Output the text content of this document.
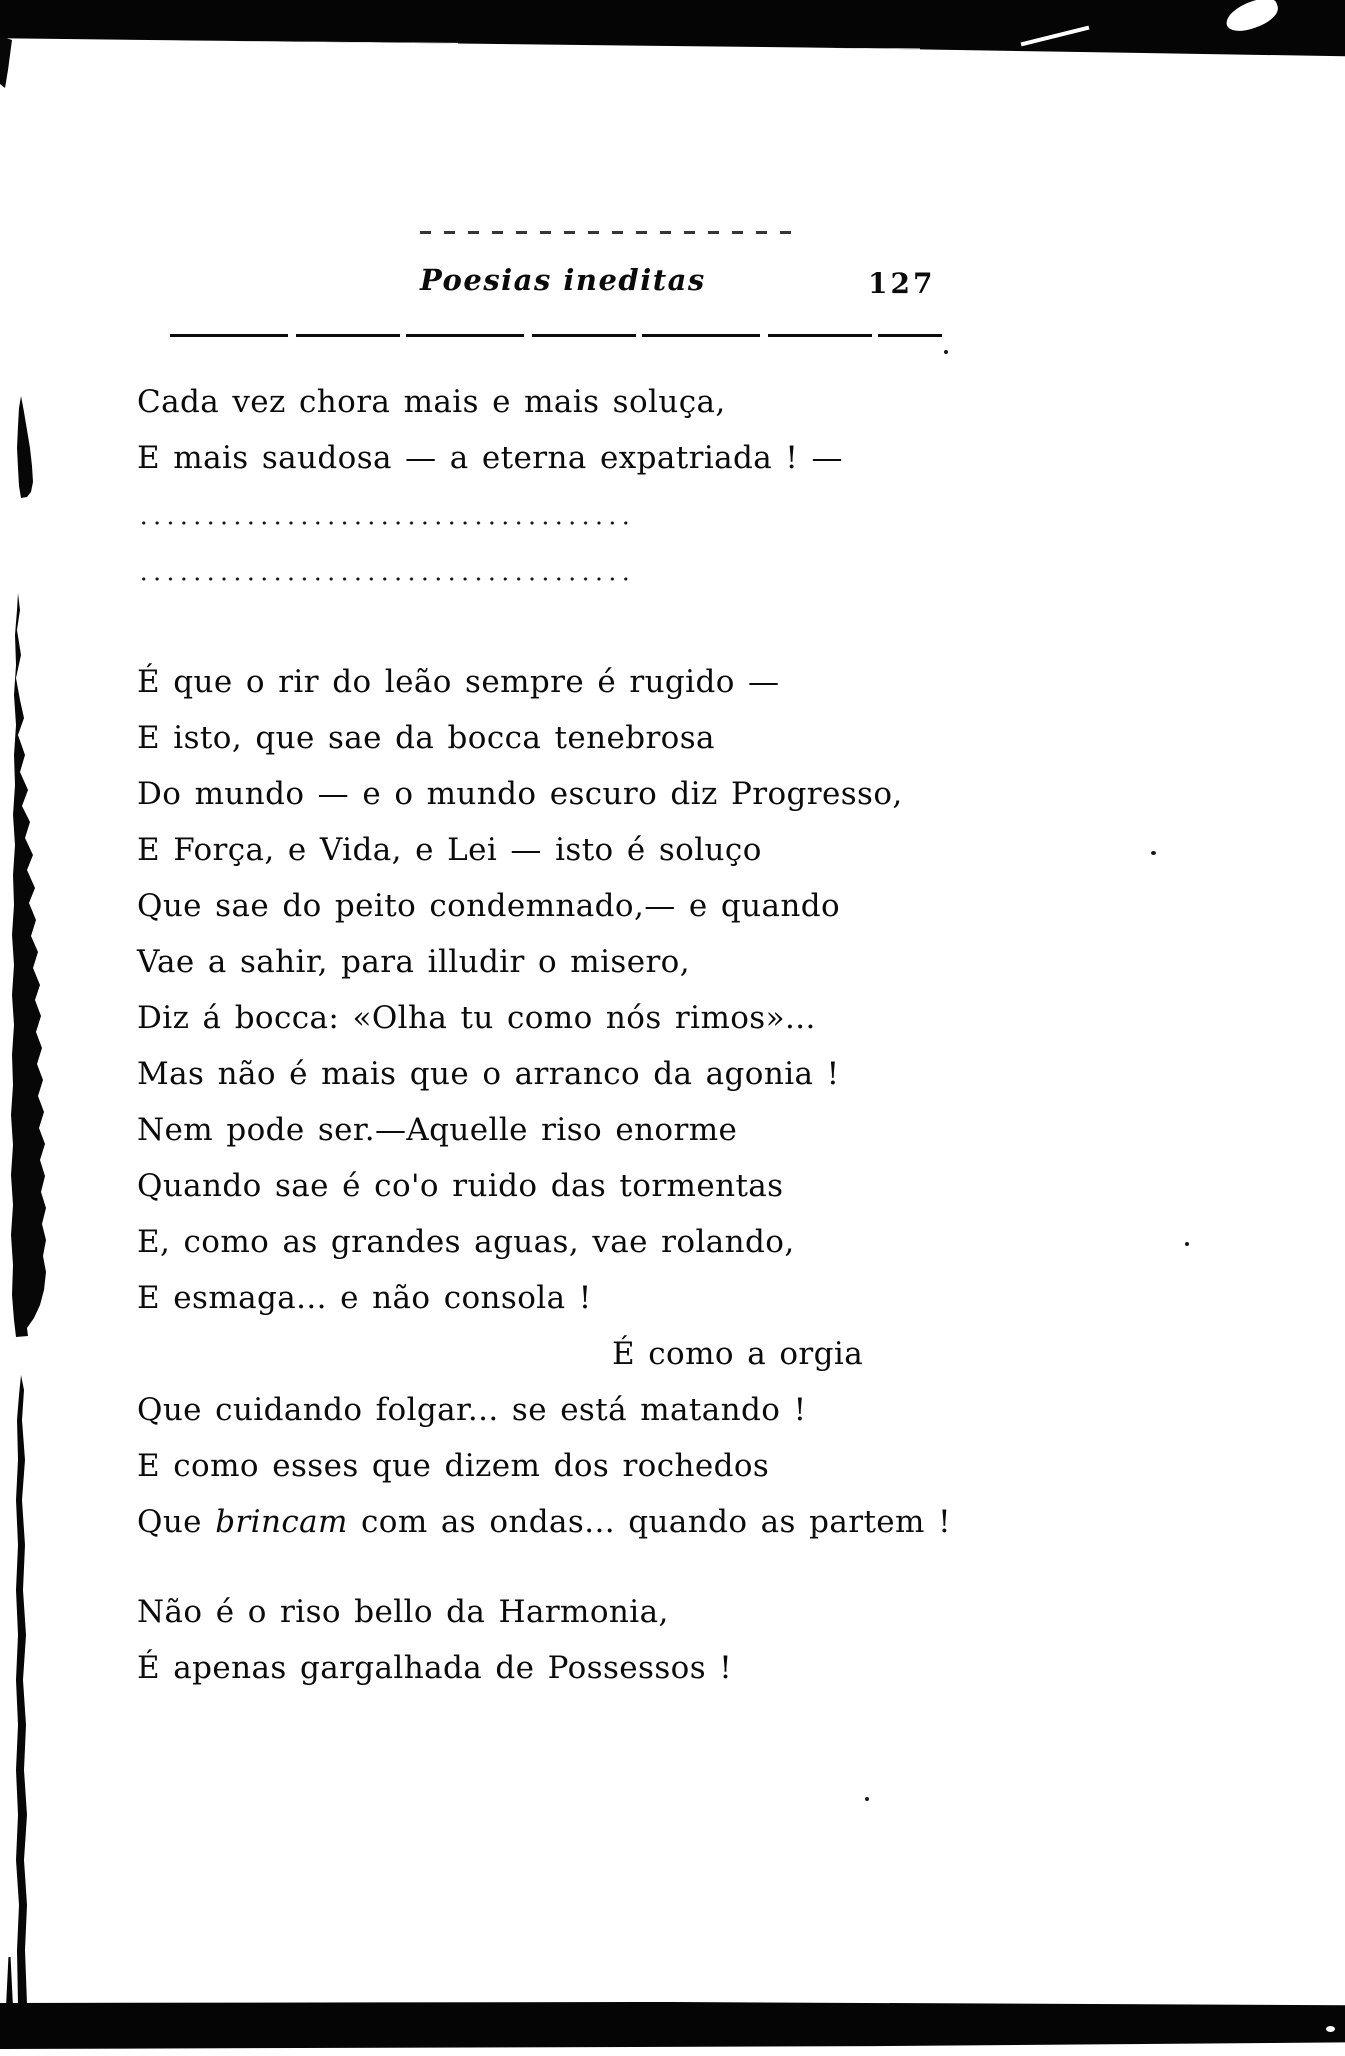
Poesias ineditas	127
Cada vez chora mais e mais soluça,
E mais saudosa — a eterna expatriada ! —
É que o rir do leão sempre é rugido —
E isto, que sae da bocca tenebrosa
Do mundo — e o mundo escuro diz Progresso,
E Força, e Vida, e Lei — isto é soluço
Que sae do peito condemnado,— e quando
Vae a sahir, para illudir o misero,
Diz á bocca: «Olha tu como nós rimos»...
Mas não é mais que o arranco da agonia !
Nem pode ser.—Aquelle riso enorme
Quando sae é co'o ruido das tormentas
E, como as grandes aguas, vae rolando,
E esmaga... e não consola !
É como a orgia
Que cuidando folgar... se está matando !
E como esses que dizem dos rochedos
Que brincam com as ondas... quando as partem !
Não é o riso bello da Harmonia,
É apenas gargalhada de Possessos !
